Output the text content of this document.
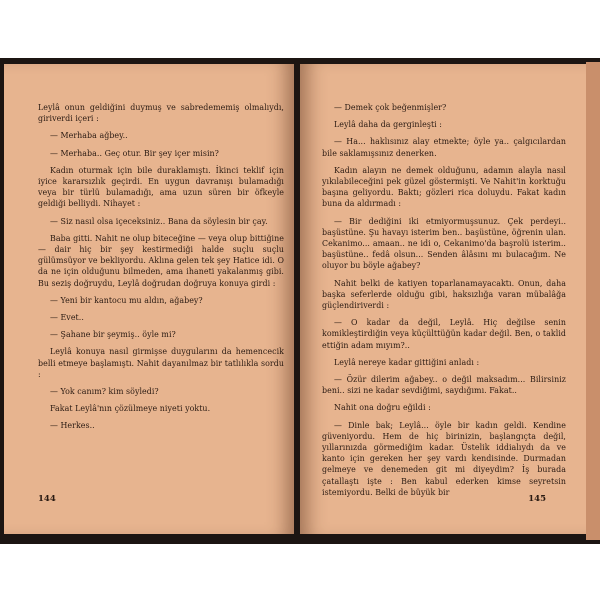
Leylâ onun geldiğini duymuş ve sabredememiş olmalıydı, giriverdi içeri :

— Merhaba ağbey..

— Merhaba.. Geç otur. Bir şey içer misin?

Kadın oturmak için bile duraklamıştı. İkinci teklif için iyice kararsızlık geçirdi. En uygun davranışı bulamadığı veya bir türlü bulamadığı, ama uzun süren bir öfkeyle geldiği belliydi. Nihayet :

— Siz nasıl olsa içeceksiniz.. Bana da söylesin bir çay.

Baba gitti. Nahit ne olup biteceğine — veya olup bittiğine — dair hiç bir şey kestirmediği halde suçlu suçlu gülümsüyor ve bekliyordu. Aklına gelen tek şey Hatice idi. O da ne için olduğunu bilmeden, ama ihaneti yakalanmış gibi. Bu seziş doğruydu, Leylâ doğrudan doğruya konuya girdi :

— Yeni bir kantocu mu aldın, ağabey?

— Evet..

— Şahane bir şeymiş.. öyle mi?

Leylâ konuya nasıl girmişse duygularını da hemencecik belli etmeye başlamıştı. Nahit dayanılmaz bir tatlılıkla sordu :

— Yok canım? kim söyledi?

Fakat Leylâ'nın çözülmeye niyeti yoktu.

— Herkes..

144

— Demek çok beğenmişler?

Leylâ daha da gerginleşti :

— Ha... haklısınız alay etmekte; öyle ya.. çalgıcılardan bile saklamışsınız denerken.

Kadın alayın ne demek olduğunu, adamın alayla nasıl yıkılabileceğini pek güzel göstermişti. Ve Nahit'in korktuğu başına geliyordu. Baktı; gözleri rica doluydu. Fakat kadın buna da aldırmadı :

— Bir dediğini iki etmiyormuşsunuz. Çek perdeyi.. başüstüne. Şu havayı isterim ben.. başüstüne, öğrenin ulan. Cekanimo... amaan.. ne idi o, Cekanimo'da başrolü isterim.. başüstüne.. fedâ olsun... Senden âlâsını mı bulacağım. Ne oluyor bu böyle ağabey?

Nahit belki de katiyen toparlanamayacaktı. Onun, daha başka seferlerde olduğu gibi, haksızlığa varan mübalâğa güçlendiriverdi :

— O kadar da değil, Leylâ. Hiç değilse senin komikleştirdiğin veya küçülttüğün kadar değil. Ben, o taklid ettiğin adam mıyım?..

Leylâ nereye kadar gittiğini anladı :

— Özür dilerim ağabey.. o değil maksadım... Bilirsiniz beni.. sizi ne kadar sevdiğimi, saydığımı. Fakat..

Nahit ona doğru eğildi :

— Dinle bak; Leylâ... öyle bir kadın geldi. Kendine güveniyordu. Hem de hiç birinizin, başlangıçta değil, yıllarınızda görmediğim kadar. Üstelik iddialıydı da ve kanto için gereken her şey vardı kendisinde. Durmadan gelmeye ve denemeden git mi diyeydim? İş burada çatallaştı işte : Ben kabul ederken kimse seyretsin istemiyordu. Belki de büyük bir

145
